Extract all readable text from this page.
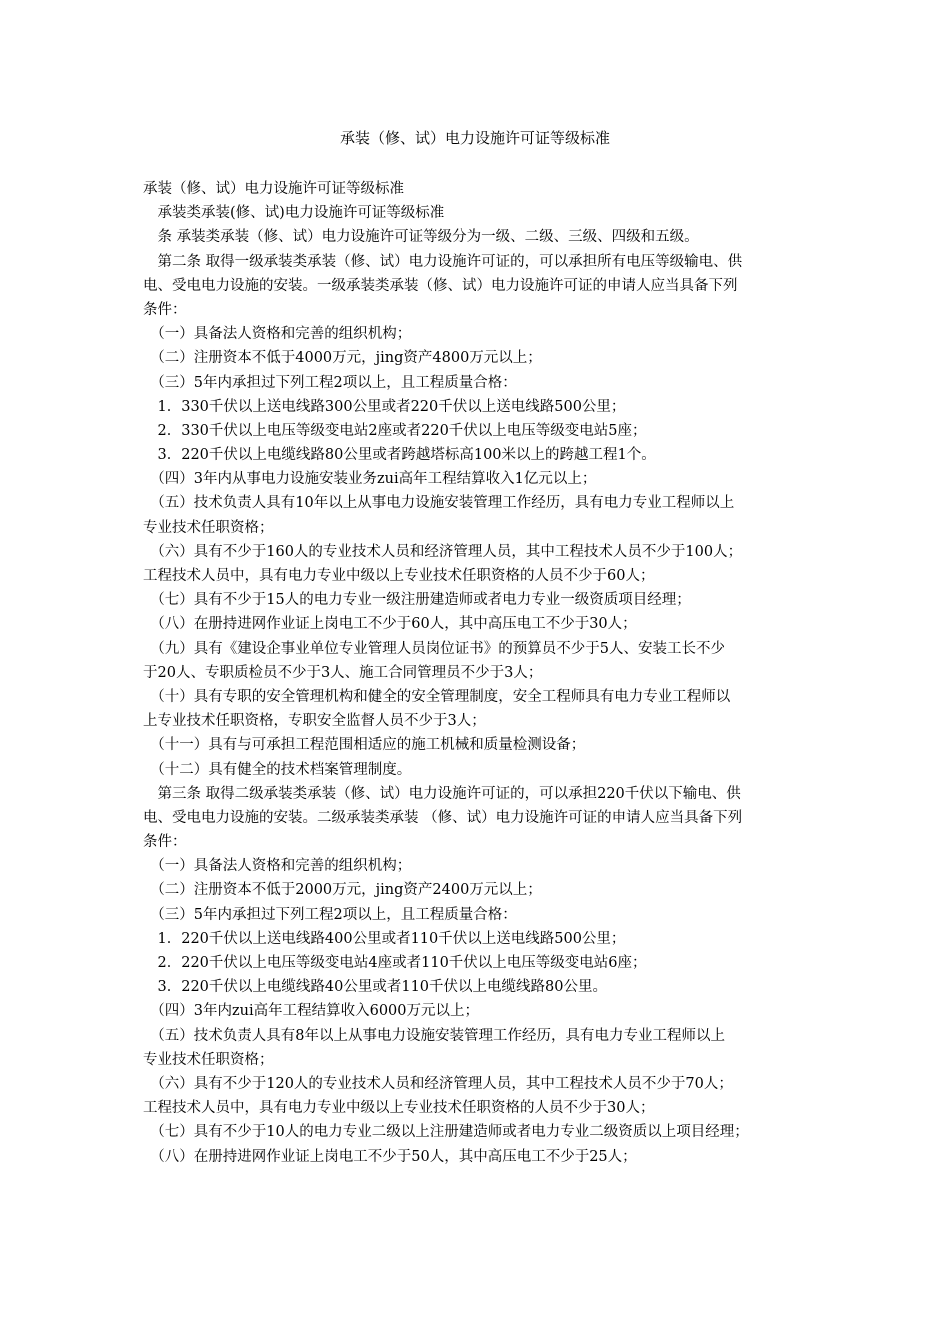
承装（修、试）电力设施许可证等级标准
承装（修、试）电力设施许可证等级标准
　承装类承装(修、试)电力设施许可证等级标准
　条 承装类承装（修、试）电力设施许可证等级分为一级、二级、三级、四级和五级。
　第二条 取得一级承装类承装（修、试）电力设施许可证的，可以承担所有电压等级输电、供
电、受电电力设施的安装。一级承装类承装（修、试）电力设施许可证的申请人应当具备下列
条件：
　（一）具备法人资格和完善的组织机构；
　（二）注册资本不低于4000万元，jing资产4800万元以上；
　（三）5年内承担过下列工程2项以上，且工程质量合格：
　1．330千伏以上送电线路300公里或者220千伏以上送电线路500公里；
　2．330千伏以上电压等级变电站2座或者220千伏以上电压等级变电站5座；
　3．220千伏以上电缆线路80公里或者跨越塔标高100米以上的跨越工程1个。
　（四）3年内从事电力设施安装业务zui高年工程结算收入1亿元以上；
　（五）技术负责人具有10年以上从事电力设施安装管理工作经历，具有电力专业工程师以上
专业技术任职资格；
　（六）具有不少于160人的专业技术人员和经济管理人员，其中工程技术人员不少于100人；
工程技术人员中，具有电力专业中级以上专业技术任职资格的人员不少于60人；
　（七）具有不少于15人的电力专业一级注册建造师或者电力专业一级资质项目经理；
　（八）在册持进网作业证上岗电工不少于60人，其中高压电工不少于30人；
　（九）具有《建设企事业单位专业管理人员岗位证书》的预算员不少于5人、安装工长不少
于20人、专职质检员不少于3人、施工合同管理员不少于3人；
　（十）具有专职的安全管理机构和健全的安全管理制度，安全工程师具有电力专业工程师以
上专业技术任职资格，专职安全监督人员不少于3人；
　（十一）具有与可承担工程范围相适应的施工机械和质量检测设备；
　（十二）具有健全的技术档案管理制度。
　第三条 取得二级承装类承装（修、试）电力设施许可证的，可以承担220千伏以下输电、供
电、受电电力设施的安装。二级承装类承装 （修、试）电力设施许可证的申请人应当具备下列
条件：
　（一）具备法人资格和完善的组织机构；
　（二）注册资本不低于2000万元，jing资产2400万元以上；
　（三）5年内承担过下列工程2项以上，且工程质量合格：
　1．220千伏以上送电线路400公里或者110千伏以上送电线路500公里；
　2．220千伏以上电压等级变电站4座或者110千伏以上电压等级变电站6座；
　3．220千伏以上电缆线路40公里或者110千伏以上电缆线路80公里。
　（四）3年内zui高年工程结算收入6000万元以上；
　（五）技术负责人具有8年以上从事电力设施安装管理工作经历，具有电力专业工程师以上
专业技术任职资格；
　（六）具有不少于120人的专业技术人员和经济管理人员，其中工程技术人员不少于70人；
工程技术人员中，具有电力专业中级以上专业技术任职资格的人员不少于30人；
　（七）具有不少于10人的电力专业二级以上注册建造师或者电力专业二级资质以上项目经理；
　（八）在册持进网作业证上岗电工不少于50人，其中高压电工不少于25人；
